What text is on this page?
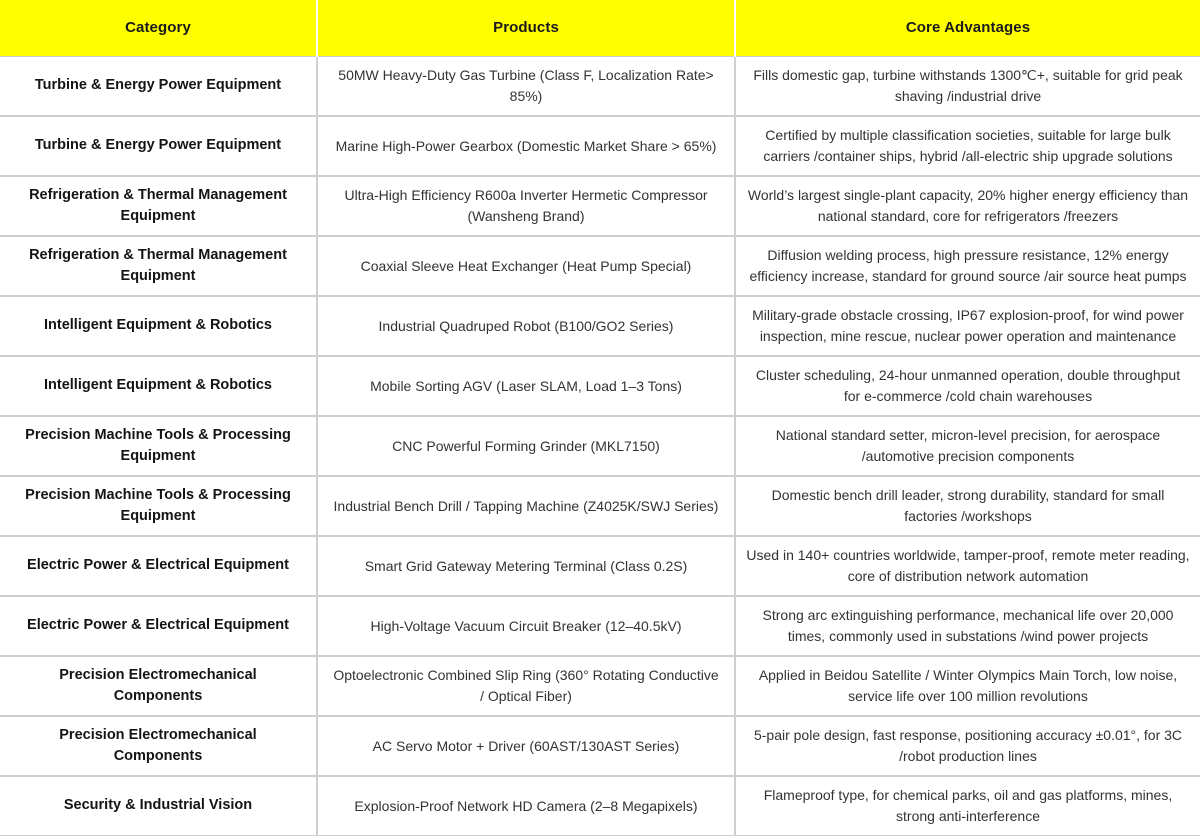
Category	Products	Core Advantages
Turbine & Energy Power Equipment	50MW Heavy-Duty Gas Turbine (Class F, Localization Rate> 85%)	Fills domestic gap, turbine withstands 1300℃+, suitable for grid peak shaving /industrial drive
Turbine & Energy Power Equipment	Marine High-Power Gearbox (Domestic Market Share > 65%)	Certified by multiple classification societies, suitable for large bulk carriers /container ships, hybrid /all-electric ship upgrade solutions
Refrigeration & Thermal Management Equipment	Ultra-High Efficiency R600a Inverter Hermetic Compressor (Wansheng Brand)	World’s largest single-plant capacity, 20% higher energy efficiency than national standard, core for refrigerators /freezers
Refrigeration & Thermal Management Equipment	Coaxial Sleeve Heat Exchanger (Heat Pump Special)	Diffusion welding process, high pressure resistance, 12% energy efficiency increase, standard for ground source /air source heat pumps
Intelligent Equipment & Robotics	Industrial Quadruped Robot (B100/GO2 Series)	Military-grade obstacle crossing, IP67 explosion-proof, for wind power inspection, mine rescue, nuclear power operation and maintenance
Intelligent Equipment & Robotics	Mobile Sorting AGV (Laser SLAM, Load 1–3 Tons)	Cluster scheduling, 24-hour unmanned operation, double throughput for e-commerce /cold chain warehouses
Precision Machine Tools & Processing Equipment	CNC Powerful Forming Grinder (MKL7150)	National standard setter, micron-level precision, for aerospace /automotive precision components
Precision Machine Tools & Processing Equipment	Industrial Bench Drill / Tapping Machine (Z4025K/SWJ Series)	Domestic bench drill leader, strong durability, standard for small factories /workshops
Electric Power & Electrical Equipment	Smart Grid Gateway Metering Terminal (Class 0.2S)	Used in 140+ countries worldwide, tamper-proof, remote meter reading, core of distribution network automation
Electric Power & Electrical Equipment	High-Voltage Vacuum Circuit Breaker (12–40.5kV)	Strong arc extinguishing performance, mechanical life over 20,000 times, commonly used in substations /wind power projects
Precision Electromechanical Components	Optoelectronic Combined Slip Ring (360° Rotating Conductive / Optical Fiber)	Applied in Beidou Satellite / Winter Olympics Main Torch, low noise, service life over 100 million revolutions
Precision Electromechanical Components	AC Servo Motor + Driver (60AST/130AST Series)	5-pair pole design, fast response, positioning accuracy ±0.01°, for 3C /robot production lines
Security & Industrial Vision	Explosion-Proof Network HD Camera (2–8 Megapixels)	Flameproof type, for chemical parks, oil and gas platforms, mines, strong anti-interference
